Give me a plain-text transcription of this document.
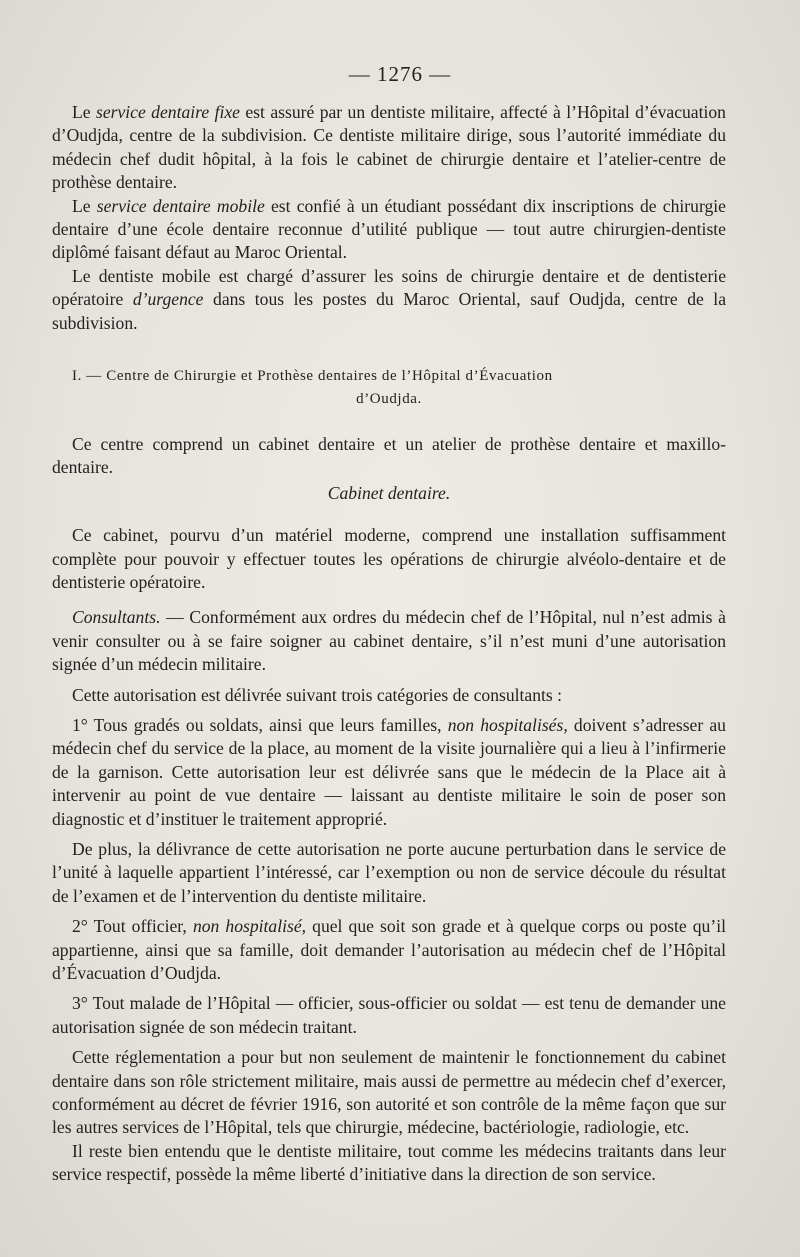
— 1276 —

Le service dentaire fixe est assuré par un dentiste militaire, affecté à l’Hôpital d’évacuation d’Oudjda, centre de la subdivision. Ce dentiste militaire dirige, sous l’autorité immédiate du médecin chef dudit hôpital, à la fois le cabinet de chirurgie dentaire et l’atelier-centre de prothèse dentaire.

Le service dentaire mobile est confié à un étudiant possédant dix inscriptions de chirurgie dentaire d’une école dentaire reconnue d’utilité publique — tout autre chirurgien-dentiste diplômé faisant défaut au Maroc Oriental.

Le dentiste mobile est chargé d’assurer les soins de chirurgie dentaire et de dentisterie opératoire d’urgence dans tous les postes du Maroc Oriental, sauf Oudjda, centre de la subdivision.

I. — Centre de Chirurgie et Prothèse dentaires de l’Hôpital d’Évacuation
d’Oudjda.

Ce centre comprend un cabinet dentaire et un atelier de prothèse dentaire et maxillo-dentaire.

Cabinet dentaire.

Ce cabinet, pourvu d’un matériel moderne, comprend une installation suffisamment complète pour pouvoir y effectuer toutes les opérations de chirurgie alvéolo-dentaire et de dentisterie opératoire.

Consultants. — Conformément aux ordres du médecin chef de l’Hôpital, nul n’est admis à venir consulter ou à se faire soigner au cabinet dentaire, s’il n’est muni d’une autorisation signée d’un médecin militaire.

Cette autorisation est délivrée suivant trois catégories de consultants :

1° Tous gradés ou soldats, ainsi que leurs familles, non hospitalisés, doivent s’adresser au médecin chef du service de la place, au moment de la visite journalière qui a lieu à l’infirmerie de la garnison. Cette autorisation leur est délivrée sans que le médecin de la Place ait à intervenir au point de vue dentaire — laissant au dentiste militaire le soin de poser son diagnostic et d’instituer le traitement approprié.

De plus, la délivrance de cette autorisation ne porte aucune perturbation dans le service de l’unité à laquelle appartient l’intéressé, car l’exemption ou non de service découle du résultat de l’examen et de l’intervention du dentiste militaire.

2° Tout officier, non hospitalisé, quel que soit son grade et à quelque corps ou poste qu’il appartienne, ainsi que sa famille, doit demander l’autorisation au médecin chef de l’Hôpital d’Évacuation d’Oudjda.

3° Tout malade de l’Hôpital — officier, sous-officier ou soldat — est tenu de demander une autorisation signée de son médecin traitant.

Cette réglementation a pour but non seulement de maintenir le fonctionnement du cabinet dentaire dans son rôle strictement militaire, mais aussi de permettre au médecin chef d’exercer, conformément au décret de février 1916, son autorité et son contrôle de la même façon que sur les autres services de l’Hôpital, tels que chirurgie, médecine, bactériologie, radiologie, etc.

Il reste bien entendu que le dentiste militaire, tout comme les médecins traitants dans leur service respectif, possède la même liberté d’initiative dans la direction de son service.
